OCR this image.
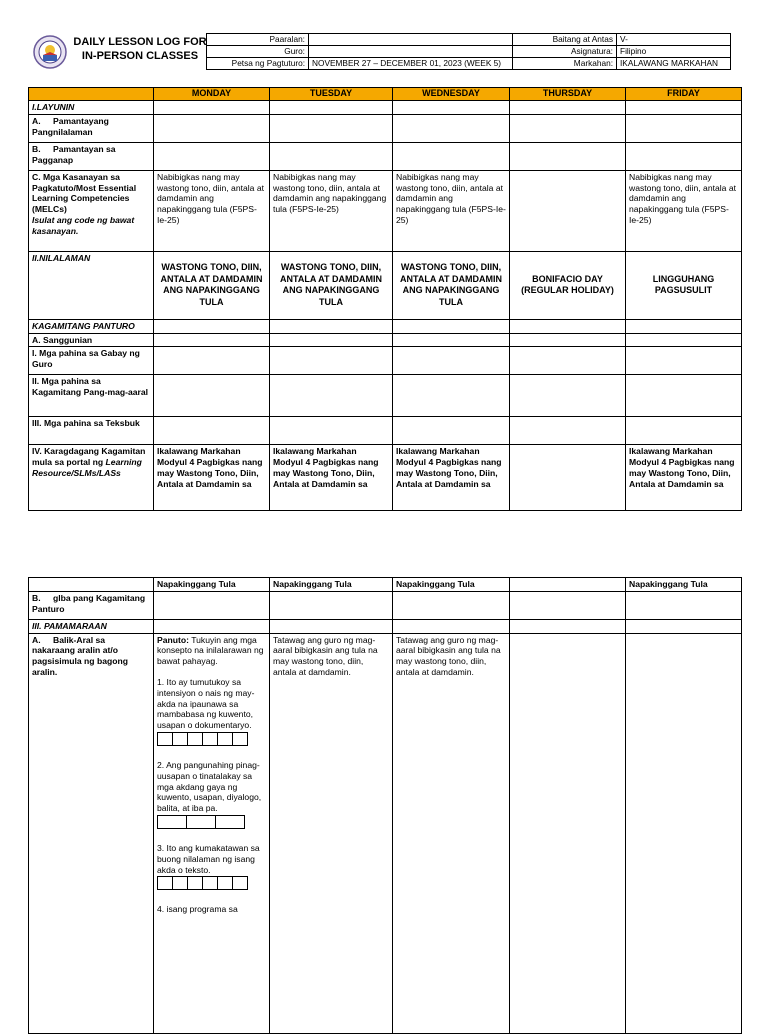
DAILY LESSON LOG FOR
IN-PERSON CLASSES
Paaralan:		Baitang at Antas	V-
Guro:		Asignatura:	Filipino
Petsa ng Pagtuturo:	NOVEMBER 27 – DECEMBER 01, 2023 (WEEK 5)	Markahan:	IKALAWANG MARKAHAN
	MONDAY	TUESDAY	WEDNESDAY	THURSDAY	FRIDAY
I.LAYUNIN					
A. Pamantayang Pangnilalaman					
B. Pamantayan sa Pagganap					

C. Mga Kasanayan sa Pagkatuto/Most Essential Learning Competencies (MELCs)

Isulat ang code ng bawat kasanayan.	Nabibigkas nang may wastong tono, diin, antala at damdamin ang napakinggang tula (F5PS-Ie-25)	Nabibigkas nang may wastong tono, diin, antala at damdamin ang napakinggang tula (F5PS-Ie-25)	Nabibigkas nang may wastong tono, diin, antala at damdamin ang napakinggang tula (F5PS-Ie-25)		Nabibigkas nang may wastong tono, diin, antala at damdamin ang napakinggang tula (F5PS-Ie-25)
II.NILALAMAN	WASTONG TONO, DIIN, ANTALA AT DAMDAMIN ANG NAPAKINGGANG TULA	WASTONG TONO, DIIN, ANTALA AT DAMDAMIN ANG NAPAKINGGANG TULA	WASTONG TONO, DIIN, ANTALA AT DAMDAMIN ANG NAPAKINGGANG TULA	BONIFACIO DAY (REGULAR HOLIDAY)	LINGGUHANG PAGSUSULIT
KAGAMITANG PANTURO					
A. Sanggunian					
I. Mga pahina sa Gabay ng Guro					
II. Mga pahina sa Kagamitang Pang-mag-aaral					
III. Mga pahina sa Teksbuk					
IV. Karagdagang Kagamitan mula sa portal ng Learning Resource/SLMs/LASs	Ikalawang Markahan Modyul 4 Pagbigkas nang may Wastong Tono, Diin, Antala at Damdamin sa	Ikalawang Markahan Modyul 4 Pagbigkas nang may Wastong Tono, Diin, Antala at Damdamin sa	Ikalawang Markahan Modyul 4 Pagbigkas nang may Wastong Tono, Diin, Antala at Damdamin sa		Ikalawang Markahan Modyul 4 Pagbigkas nang may Wastong Tono, Diin, Antala at Damdamin sa
	Napakinggang Tula	Napakinggang Tula	Napakinggang Tula		Napakinggang Tula
B. glba pang Kagamitang Panturo					
III. PAMAMARAAN					
A. Balik-Aral sa nakaraang aralin at/o pagsisimula ng bagong aralin.	Panuto: Tukuyin ang mga konsepto na inilalarawan ng bawat pahayag.

1. Ito ay tumutukoy sa intensiyon o nais ng may-akda na ipaunawa sa mambabasa ng kuwento, usapan o dokumentaryo.

2. Ang pangunahing pinag-uusapan o tinatalakay sa mga akdang gaya ng kuwento, usapan, diyalogo, balita, at iba pa.

3. Ito ang kumakatawan sa buong nilalaman ng isang akda o teksto.

4. isang programa sa	Tatawag ang guro ng mag-aaral bibigkasin ang tula na may wastong tono, diin, antala at damdamin.	Tatawag ang guro ng mag-aaral bibigkasin ang tula na may wastong tono, diin, antala at damdamin.		
